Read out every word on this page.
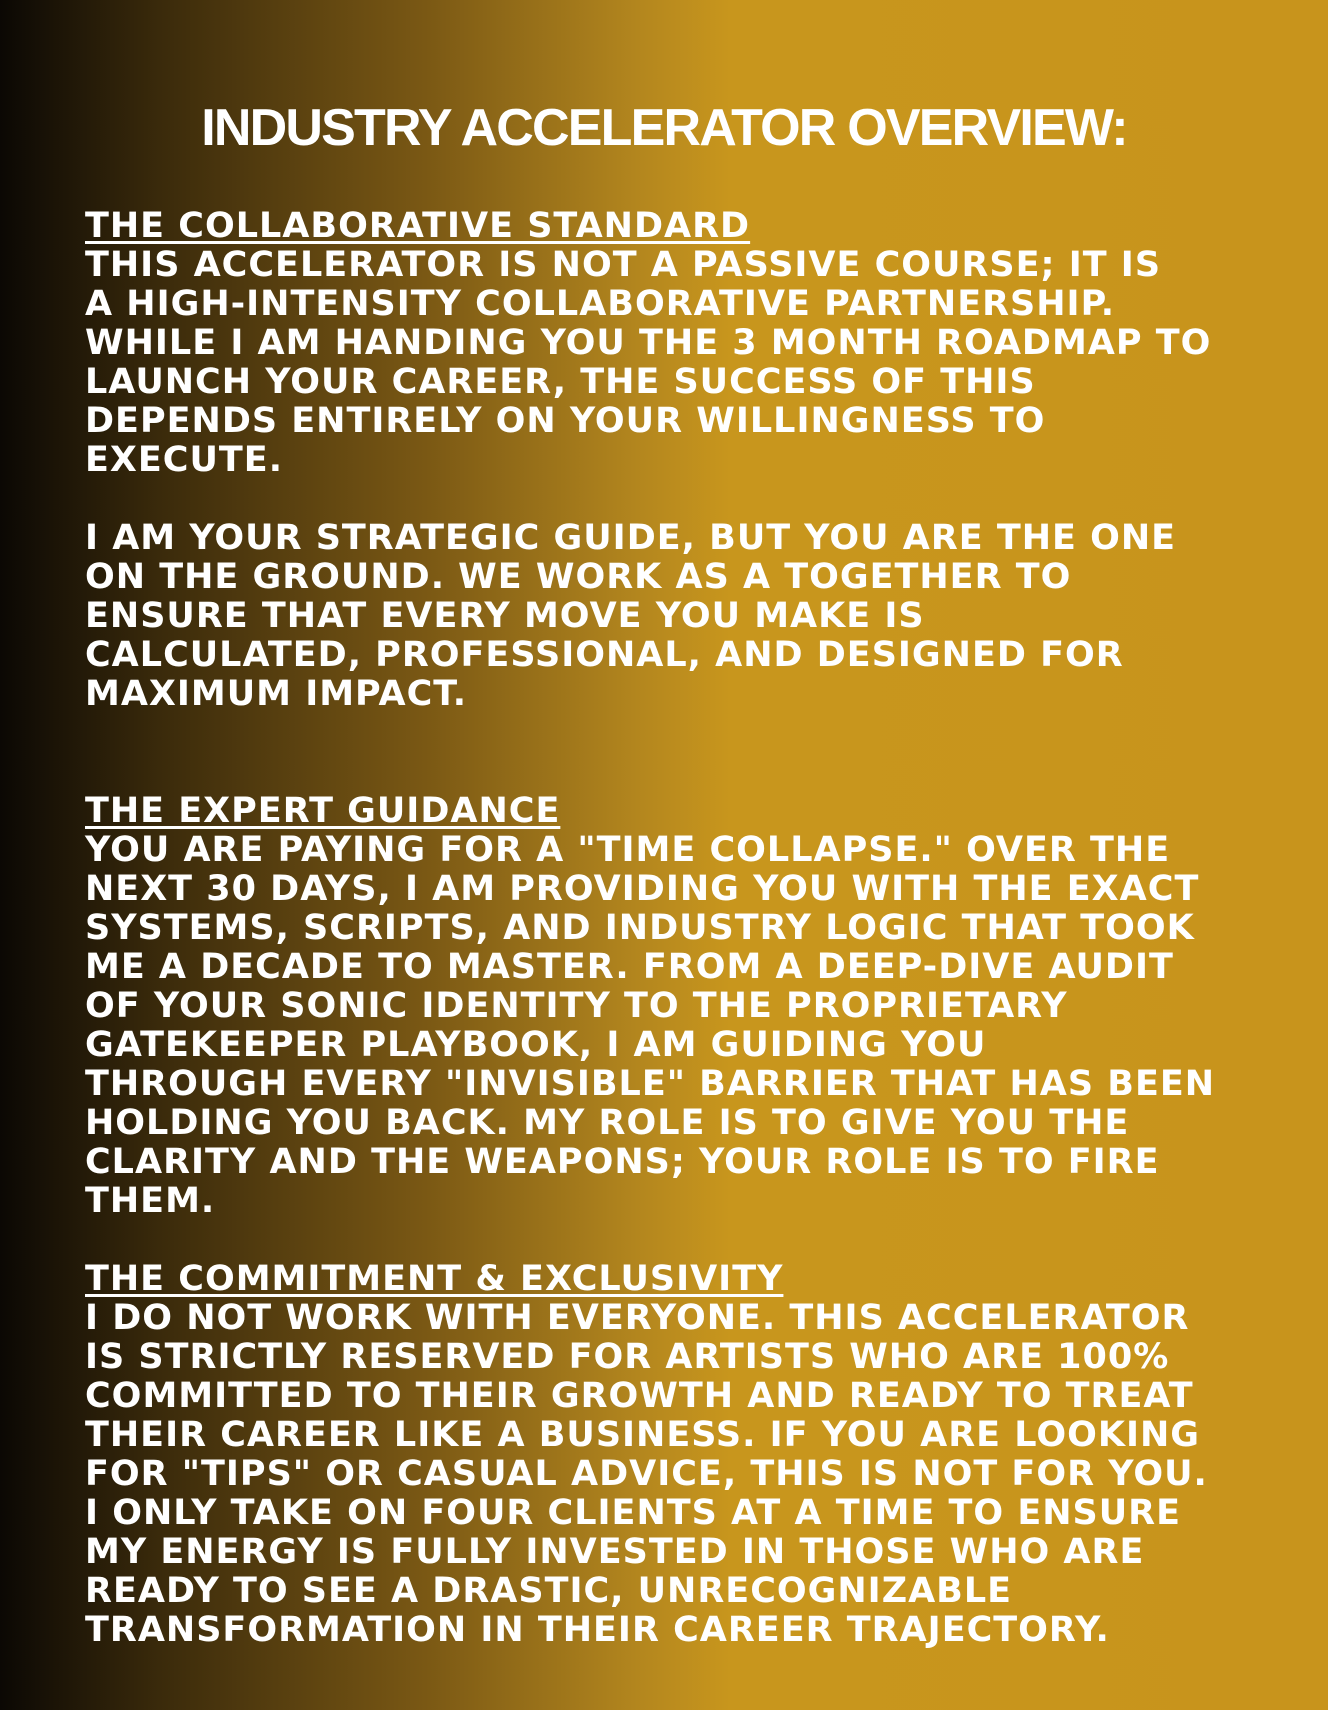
INDUSTRY ACCELERATOR OVERVIEW:

THE COLLABORATIVE STANDARD

THIS ACCELERATOR IS NOT A PASSIVE COURSE; IT IS
A HIGH-INTENSITY COLLABORATIVE PARTNERSHIP.
WHILE I AM HANDING YOU THE 3 MONTH ROADMAP TO
LAUNCH YOUR CAREER, THE SUCCESS OF THIS
DEPENDS ENTIRELY ON YOUR WILLINGNESS TO
EXECUTE.
I AM YOUR STRATEGIC GUIDE, BUT YOU ARE THE ONE
ON THE GROUND. WE WORK AS A TOGETHER TO
ENSURE THAT EVERY MOVE YOU MAKE IS
CALCULATED, PROFESSIONAL, AND DESIGNED FOR
MAXIMUM IMPACT.

THE EXPERT GUIDANCE

YOU ARE PAYING FOR A "TIME COLLAPSE." OVER THE
NEXT 30 DAYS, I AM PROVIDING YOU WITH THE EXACT
SYSTEMS, SCRIPTS, AND INDUSTRY LOGIC THAT TOOK
ME A DECADE TO MASTER. FROM A DEEP-DIVE AUDIT
OF YOUR SONIC IDENTITY TO THE PROPRIETARY
GATEKEEPER PLAYBOOK, I AM GUIDING YOU
THROUGH EVERY "INVISIBLE" BARRIER THAT HAS BEEN
HOLDING YOU BACK. MY ROLE IS TO GIVE YOU THE
CLARITY AND THE WEAPONS; YOUR ROLE IS TO FIRE
THEM.

THE COMMITMENT & EXCLUSIVITY

I DO NOT WORK WITH EVERYONE. THIS ACCELERATOR
IS STRICTLY RESERVED FOR ARTISTS WHO ARE 100%
COMMITTED TO THEIR GROWTH AND READY TO TREAT
THEIR CAREER LIKE A BUSINESS. IF YOU ARE LOOKING
FOR "TIPS" OR CASUAL ADVICE, THIS IS NOT FOR YOU.
I ONLY TAKE ON FOUR CLIENTS AT A TIME TO ENSURE
MY ENERGY IS FULLY INVESTED IN THOSE WHO ARE
READY TO SEE A DRASTIC, UNRECOGNIZABLE
TRANSFORMATION IN THEIR CAREER TRAJECTORY.
